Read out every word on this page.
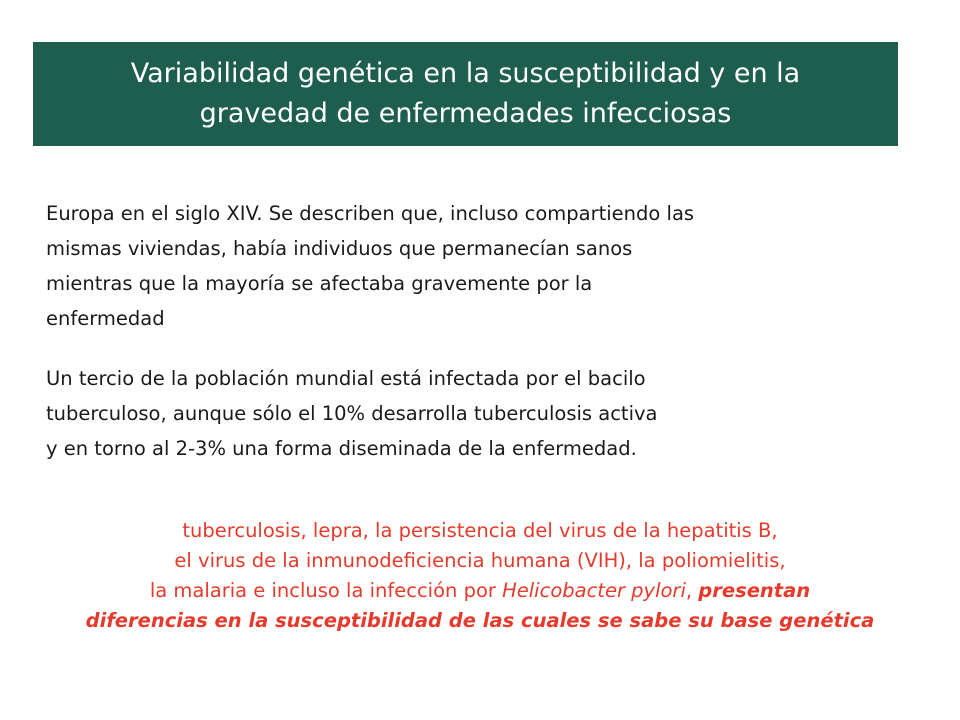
Variabilidad genética en la susceptibilidad y en la
gravedad de enfermedades infecciosas

Europa en el siglo XIV. Se describen que, incluso compartiendo las
mismas viviendas, había individuos que permanecían sanos
mientras que la mayoría se afectaba gravemente por la
enfermedad

Un tercio de la población mundial está infectada por el bacilo
tuberculoso, aunque sólo el 10% desarrolla tuberculosis activa
y en torno al 2-3% una forma diseminada de la enfermedad.

tuberculosis, lepra, la persistencia del virus de la hepatitis B,
el virus de la inmunodeficiencia humana (VIH), la poliomielitis,
la malaria e incluso la infección por Helicobacter pylori, presentan
diferencias en la susceptibilidad de las cuales se sabe su base genética
